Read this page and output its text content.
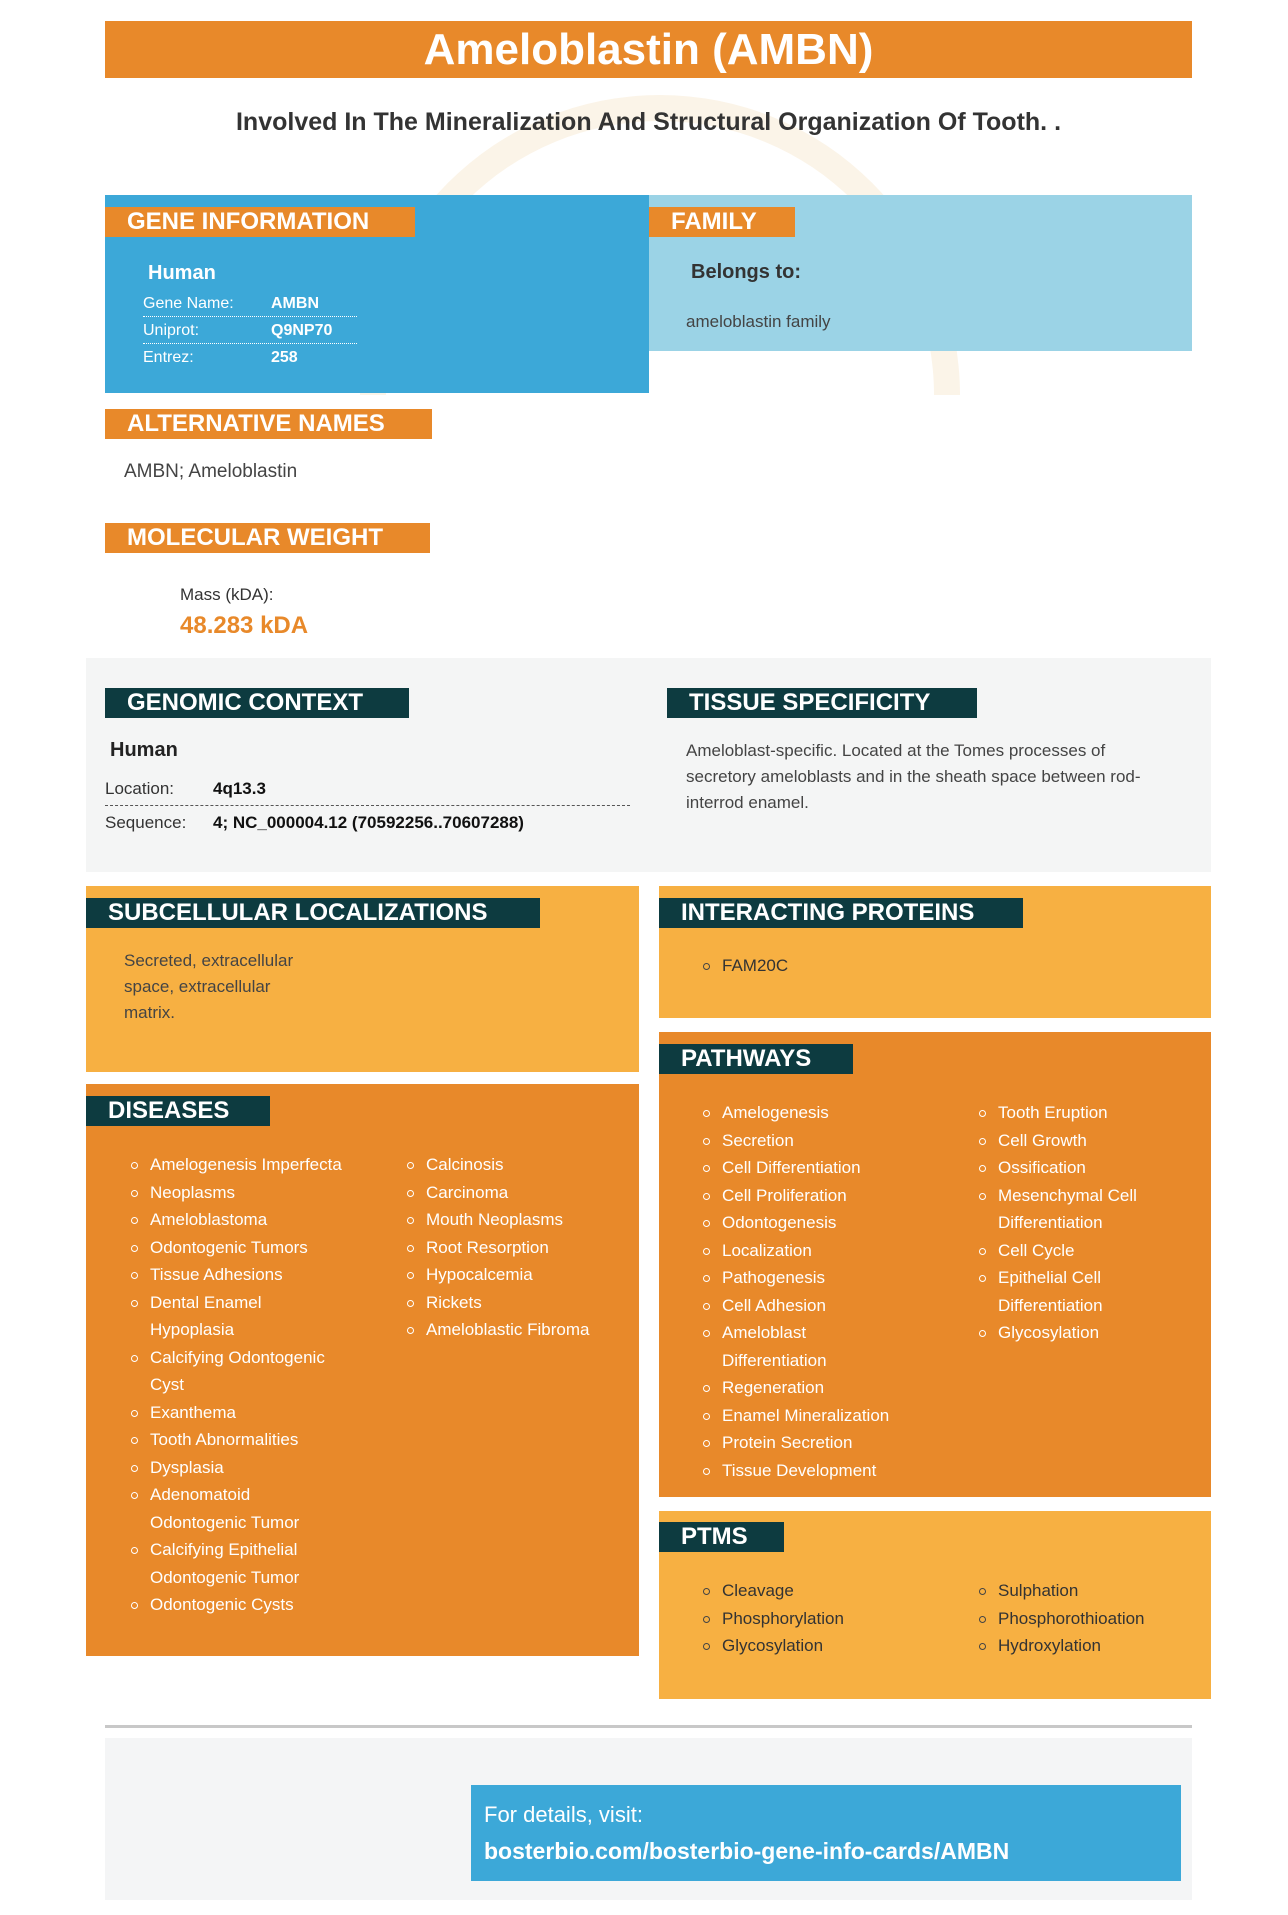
Ameloblastin (AMBN)
Involved In The Mineralization And Structural Organization Of Tooth. .
GENE INFORMATION
Human
Gene Name: AMBN
Uniprot:	Q9NP70
Entrez:	258
FAMILY
Belongs to:
ameloblastin family
ALTERNATIVE NAMES
AMBN; Ameloblastin
MOLECULAR WEIGHT
Mass (kDA):
48.283 kDA
GENOMIC CONTEXT
Human
Location: 4q13.3
Sequence: 4; NC_000004.12 (70592256..70607288)
TISSUE SPECIFICITY
Ameloblast-specific. Located at the Tomes processes of secretory ameloblasts and in the sheath space between rod-interrod enamel.
SUBCELLULAR LOCALIZATIONS
Secreted, extracellular space, extracellular matrix.
INTERACTING PROTEINS
FAM20C
DISEASES
Amelogenesis Imperfecta
Neoplasms
Ameloblastoma
Odontogenic Tumors
Tissue Adhesions
Dental Enamel Hypoplasia
Calcifying Odontogenic Cyst
Exanthema
Tooth Abnormalities
Dysplasia
Adenomatoid Odontogenic Tumor
Calcifying Epithelial Odontogenic Tumor
Odontogenic Cysts
Calcinosis
Carcinoma
Mouth Neoplasms
Root Resorption
Hypocalcemia
Rickets
Ameloblastic Fibroma
PATHWAYS
Amelogenesis
Secretion
Cell Differentiation
Cell Proliferation
Odontogenesis
Localization
Pathogenesis
Cell Adhesion
Ameloblast Differentiation
Regeneration
Enamel Mineralization
Protein Secretion
Tissue Development
Tooth Eruption
Cell Growth
Ossification
Mesenchymal Cell Differentiation
Cell Cycle
Epithelial Cell Differentiation
Glycosylation
PTMS
Cleavage
Phosphorylation
Glycosylation
Sulphation
Phosphorothioation
Hydroxylation
For details, visit:
bosterbio.com/bosterbio-gene-info-cards/AMBN
